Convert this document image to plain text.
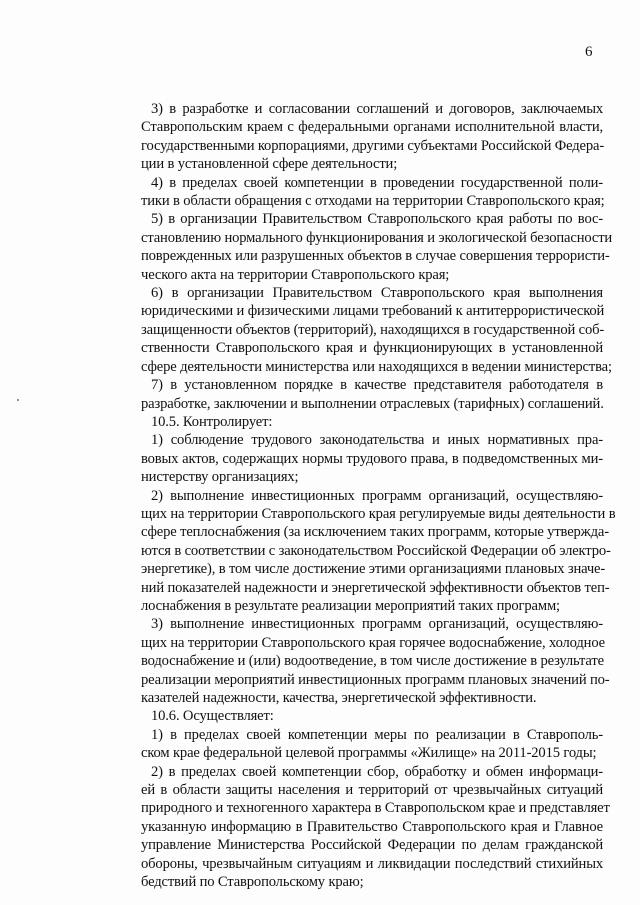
6
3) в разработке и согласовании соглашений и договоров, заключаемых
Ставропольским краем с федеральными органами исполнительной власти,
государственными корпорациями, другими субъектами Российской Федера-
ции в установленной сфере деятельности;
4) в пределах своей компетенции в проведении государственной поли-
тики в области обращения с отходами на территории Ставропольского края;
5) в организации Правительством Ставропольского края работы по вос-
становлению нормального функционирования и экологической безопасности
поврежденных или разрушенных объектов в случае совершения террористи-
ческого акта на территории Ставропольского края;
6) в организации Правительством Ставропольского края выполнения
юридическими и физическими лицами требований к антитеррористической
защищенности объектов (территорий), находящихся в государственной соб-
ственности Ставропольского края и функционирующих в установленной
сфере деятельности министерства или находящихся в ведении министерства;
7) в установленном порядке в качестве представителя работодателя в
разработке, заключении и выполнении отраслевых (тарифных) соглашений.
10.5. Контролирует:
1) соблюдение трудового законодательства и иных нормативных пра-
вовых актов, содержащих нормы трудового права, в подведомственных ми-
нистерству организациях;
2) выполнение инвестиционных программ организаций, осуществляю-
щих на территории Ставропольского края регулируемые виды деятельности в
сфере теплоснабжения (за исключением таких программ, которые утвержда-
ются в соответствии с законодательством Российской Федерации об электро-
энергетике), в том числе достижение этими организациями плановых значе-
ний показателей надежности и энергетической эффективности объектов теп-
лоснабжения в результате реализации мероприятий таких программ;
3) выполнение инвестиционных программ организаций, осуществляю-
щих на территории Ставропольского края горячее водоснабжение, холодное
водоснабжение и (или) водоотведение, в том числе достижение в результате
реализации мероприятий инвестиционных программ плановых значений по-
казателей надежности, качества, энергетической эффективности.
10.6. Осуществляет:
1) в пределах своей компетенции меры по реализации в Ставрополь-
ском крае федеральной целевой программы «Жилище» на 2011-2015 годы;
2) в пределах своей компетенции сбор, обработку и обмен информаци-
ей в области защиты населения и территорий от чрезвычайных ситуаций
природного и техногенного характера в Ставропольском крае и представляет
указанную информацию в Правительство Ставропольского края и Главное
управление Министерства Российской Федерации по делам гражданской
обороны, чрезвычайным ситуациям и ликвидации последствий стихийных
бедствий по Ставропольскому краю;
